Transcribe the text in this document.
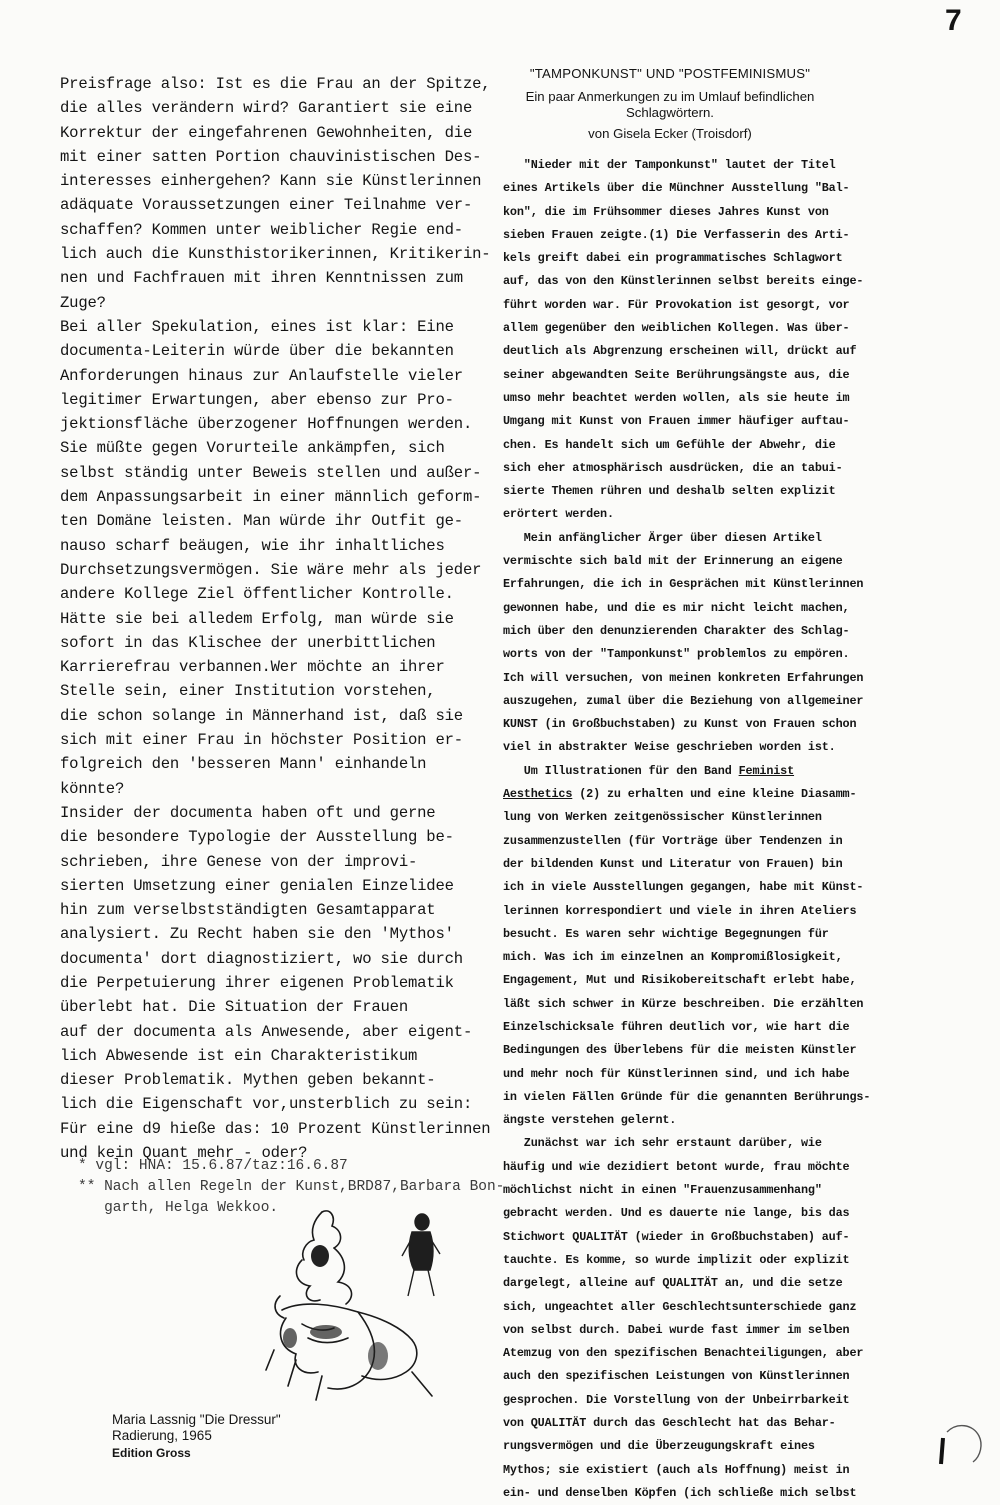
7

Preisfrage also: Ist es die Frau an der Spitze,

die alles verändern wird? Garantiert sie eine

Korrektur der eingefahrenen Gewohnheiten, die

mit einer satten Portion chauvinistischen Des-

interesses einhergehen? Kann sie Künstlerinnen

adäquate Voraussetzungen einer Teilnahme ver-

schaffen? Kommen unter weiblicher Regie end-

lich auch die Kunsthistorikerinnen, Kritikerin-

nen und Fachfrauen mit ihren Kenntnissen zum

Zuge?

Bei aller Spekulation, eines ist klar: Eine

documenta-Leiterin würde über die bekannten

Anforderungen hinaus zur Anlaufstelle vieler

legitimer Erwartungen, aber ebenso zur Pro-

jektionsfläche überzogener Hoffnungen werden.

Sie müßte gegen Vorurteile ankämpfen, sich

selbst ständig unter Beweis stellen und außer-

dem Anpassungsarbeit in einer männlich geform-

ten Domäne leisten. Man würde ihr Outfit ge-

nauso scharf beäugen, wie ihr inhaltliches

Durchsetzungsvermögen. Sie wäre mehr als jeder

andere Kollege Ziel öffentlicher Kontrolle.

Hätte sie bei alledem Erfolg, man würde sie

sofort in das Klischee der unerbittlichen

Karrierefrau verbannen.Wer möchte an ihrer

Stelle sein, einer Institution vorstehen,

die schon solange in Männerhand ist, daß sie

sich mit einer Frau in höchster Position er-

folgreich den 'besseren Mann' einhandeln

könnte?

Insider der documenta haben oft und gerne

die besondere Typologie der Ausstellung be-

schrieben, ihre Genese von der improvi-

sierten Umsetzung einer genialen Einzelidee

hin zum verselbstständigten Gesamtapparat

analysiert. Zu Recht haben sie den 'Mythos'

documenta' dort diagnostiziert, wo sie durch

die Perpetuierung ihrer eigenen Problematik

überlebt hat. Die Situation der Frauen

auf der documenta als Anwesende, aber eigent-

lich Abwesende ist ein Charakteristikum

dieser Problematik. Mythen geben bekannt-

lich die Eigenschaft vor,unsterblich zu sein:

Für eine d9 hieße das: 10 Prozent Künstlerinnen

und kein Quant mehr - oder?

* vgl: HNA: 15.6.87/taz:16.6.87
** Nach allen Regeln der Kunst,BRD87,Barbara Bon-
garth, Helga Wekkoo.
Maria Lassnig "Die Dressur"
Radierung, 1965
Edition Gross
"TAMPONKUNST" UND "POSTFEMINISMUS"
Ein paar Anmerkungen zu im Umlauf befindlichen
Schlagwörtern.
von Gisela Ecker (Troisdorf)

"Nieder mit der Tamponkunst" lautet der Titel

eines Artikels über die Münchner Ausstellung "Bal-

kon", die im Frühsommer dieses Jahres Kunst von

sieben Frauen zeigte.(1) Die Verfasserin des Arti-

kels greift dabei ein programmatisches Schlagwort

auf, das von den Künstlerinnen selbst bereits einge-

führt worden war. Für Provokation ist gesorgt, vor

allem gegenüber den weiblichen Kollegen. Was über-

deutlich als Abgrenzung erscheinen will, drückt auf

seiner abgewandten Seite Berührungsängste aus, die

umso mehr beachtet werden wollen, als sie heute im

Umgang mit Kunst von Frauen immer häufiger auftau-

chen. Es handelt sich um Gefühle der Abwehr, die

sich eher atmosphärisch ausdrücken, die an tabui-

sierte Themen rühren und deshalb selten explizit

erörtert werden.

Mein anfänglicher Ärger über diesen Artikel

vermischte sich bald mit der Erinnerung an eigene

Erfahrungen, die ich in Gesprächen mit Künstlerinnen

gewonnen habe, und die es mir nicht leicht machen,

mich über den denunzierenden Charakter des Schlag-

worts von der "Tamponkunst" problemlos zu empören.

Ich will versuchen, von meinen konkreten Erfahrungen

auszugehen, zumal über die Beziehung von allgemeiner

KUNST (in Großbuchstaben) zu Kunst von Frauen schon

viel in abstrakter Weise geschrieben worden ist.

Um Illustrationen für den Band Feminist

Aesthetics (2) zu erhalten und eine kleine Diasamm-

lung von Werken zeitgenössischer Künstlerinnen

zusammenzustellen (für Vorträge über Tendenzen in

der bildenden Kunst und Literatur von Frauen) bin

ich in viele Ausstellungen gegangen, habe mit Künst-

lerinnen korrespondiert und viele in ihren Ateliers

besucht. Es waren sehr wichtige Begegnungen für

mich. Was ich im einzelnen an Kompromißlosigkeit,

Engagement, Mut und Risikobereitschaft erlebt habe,

läßt sich schwer in Kürze beschreiben. Die erzählten

Einzelschicksale führen deutlich vor, wie hart die

Bedingungen des Überlebens für die meisten Künstler

und mehr noch für Künstlerinnen sind, und ich habe

in vielen Fällen Gründe für die genannten Berührungs-

ängste verstehen gelernt.

Zunächst war ich sehr erstaunt darüber, wie

häufig und wie dezidiert betont wurde, frau möchte

möchlichst nicht in einen "Frauenzusammenhang"

gebracht werden. Und es dauerte nie lange, bis das

Stichwort QUALITÄT (wieder in Großbuchstaben) auf-

tauchte. Es komme, so wurde implizit oder explizit

dargelegt, alleine auf QUALITÄT an, und die setze

sich, ungeachtet aller Geschlechtsunterschiede ganz

von selbst durch. Dabei wurde fast immer im selben

Atemzug von den spezifischen Benachteiligungen, aber

auch den spezifischen Leistungen von Künstlerinnen

gesprochen. Die Vorstellung von der Unbeirrbarkeit

von QUALITÄT durch das Geschlecht hat das Behar-

rungsvermögen und die Überzeugungskraft eines

Mythos; sie existiert (auch als Hoffnung) meist in

ein- und denselben Köpfen (ich schließe mich selbst
